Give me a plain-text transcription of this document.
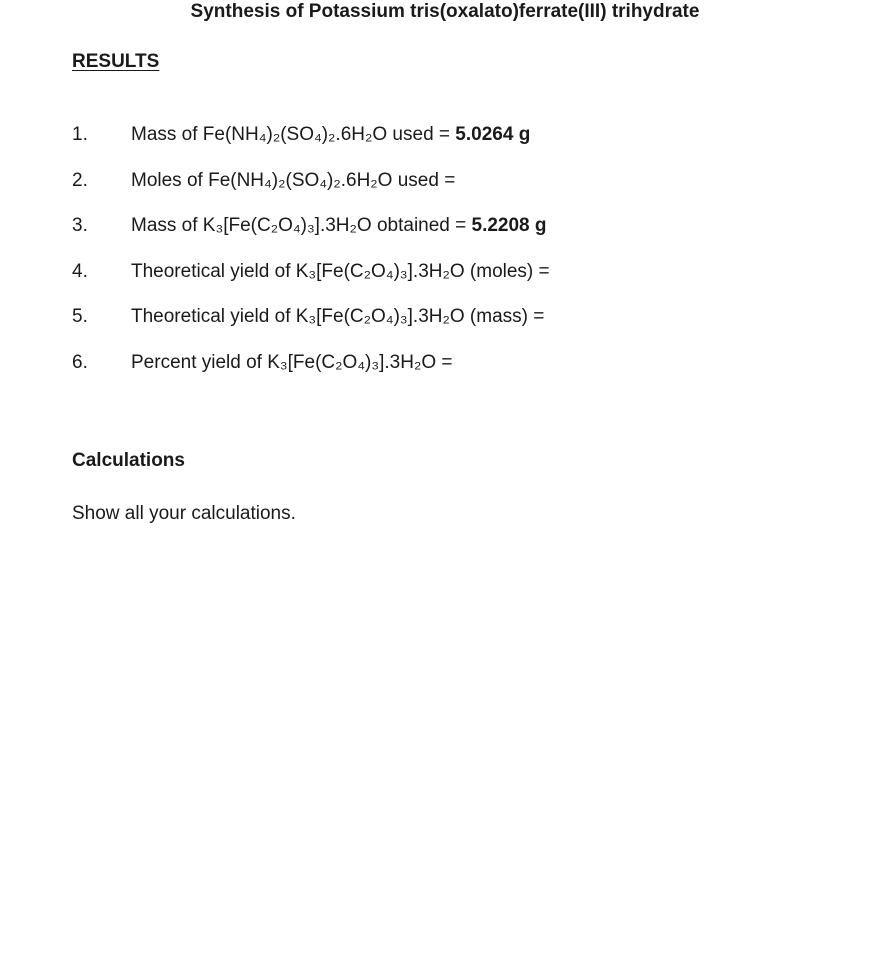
Synthesis of Potassium tris(oxalato)ferrate(III) trihydrate
RESULTS
1. Mass of Fe(NH₄)₂(SO₄)₂.6H₂O used = 5.0264 g
2. Moles of Fe(NH₄)₂(SO₄)₂.6H₂O used =
3. Mass of K₃[Fe(C₂O₄)₃].3H₂O obtained = 5.2208 g
4. Theoretical yield of K₃[Fe(C₂O₄)₃].3H₂O (moles) =
5. Theoretical yield of K₃[Fe(C₂O₄)₃].3H₂O (mass) =
6. Percent yield of K₃[Fe(C₂O₄)₃].3H₂O =
Calculations
Show all your calculations.
